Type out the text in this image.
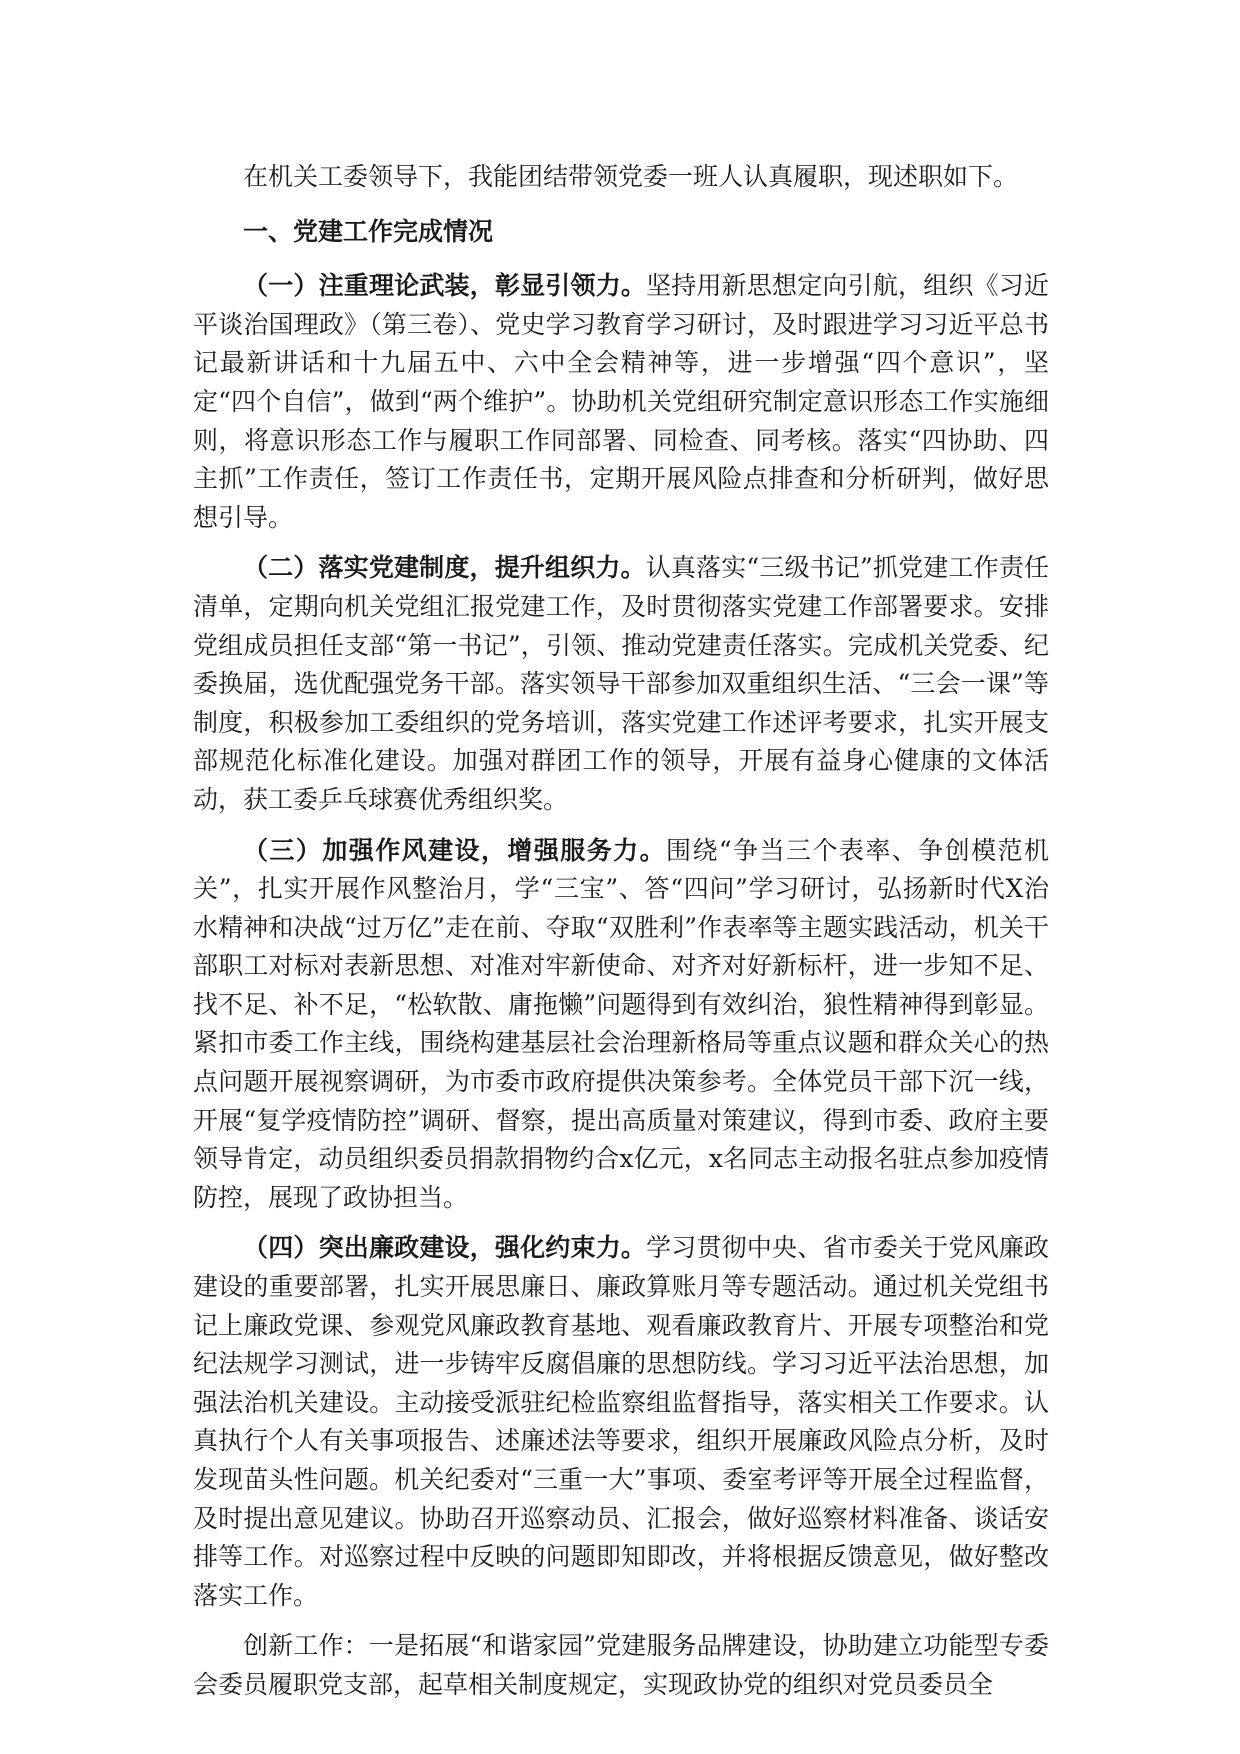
在机关工委领导下，我能团结带领党委一班人认真履职，现述职如下。

一、党建工作完成情况

（一）注重理论武装，彰显引领力。坚持用新思想定向引航，组织《习近平谈治国理政》（第三卷）、党史学习教育学习研讨，及时跟进学习习近平总书记最新讲话和十九届五中、六中全会精神等，进一步增强“四个意识”，坚定“四个自信”，做到“两个维护”。协助机关党组研究制定意识形态工作实施细则，将意识形态工作与履职工作同部署、同检查、同考核。落实“四协助、四主抓”工作责任，签订工作责任书，定期开展风险点排查和分析研判，做好思想引导。

（二）落实党建制度，提升组织力。认真落实“三级书记”抓党建工作责任清单，定期向机关党组汇报党建工作，及时贯彻落实党建工作部署要求。安排党组成员担任支部“第一书记”，引领、推动党建责任落实。完成机关党委、纪委换届，选优配强党务干部。落实领导干部参加双重组织生活、“三会一课”等制度，积极参加工委组织的党务培训，落实党建工作述评考要求，扎实开展支部规范化标准化建设。加强对群团工作的领导，开展有益身心健康的文体活动，获工委乒乓球赛优秀组织奖。

（三）加强作风建设，增强服务力。围绕“争当三个表率、争创模范机关”，扎实开展作风整治月，学“三宝”、答“四问”学习研讨，弘扬新时代X治水精神和决战“过万亿”走在前、夺取“双胜利”作表率等主题实践活动，机关干部职工对标对表新思想、对准对牢新使命、对齐对好新标杆，进一步知不足、找不足、补不足，“松软散、庸拖懒”问题得到有效纠治，狼性精神得到彰显。紧扣市委工作主线，围绕构建基层社会治理新格局等重点议题和群众关心的热点问题开展视察调研，为市委市政府提供决策参考。全体党员干部下沉一线，开展“复学疫情防控”调研、督察，提出高质量对策建议，得到市委、政府主要领导肯定，动员组织委员捐款捐物约合x亿元，x名同志主动报名驻点参加疫情防控，展现了政协担当。

（四）突出廉政建设，强化约束力。学习贯彻中央、省市委关于党风廉政建设的重要部署，扎实开展思廉日、廉政算账月等专题活动。通过机关党组书记上廉政党课、参观党风廉政教育基地、观看廉政教育片、开展专项整治和党纪法规学习测试，进一步铸牢反腐倡廉的思想防线。学习习近平法治思想，加强法治机关建设。主动接受派驻纪检监察组监督指导，落实相关工作要求。认真执行个人有关事项报告、述廉述法等要求，组织开展廉政风险点分析，及时发现苗头性问题。机关纪委对“三重一大”事项、委室考评等开展全过程监督，及时提出意见建议。协助召开巡察动员、汇报会，做好巡察材料准备、谈话安排等工作。对巡察过程中反映的问题即知即改，并将根据反馈意见，做好整改落实工作。

创新工作：一是拓展“和谐家园”党建服务品牌建设，协助建立功能型专委会委员履职党支部，起草相关制度规定，实现政协党的组织对党员委员全
